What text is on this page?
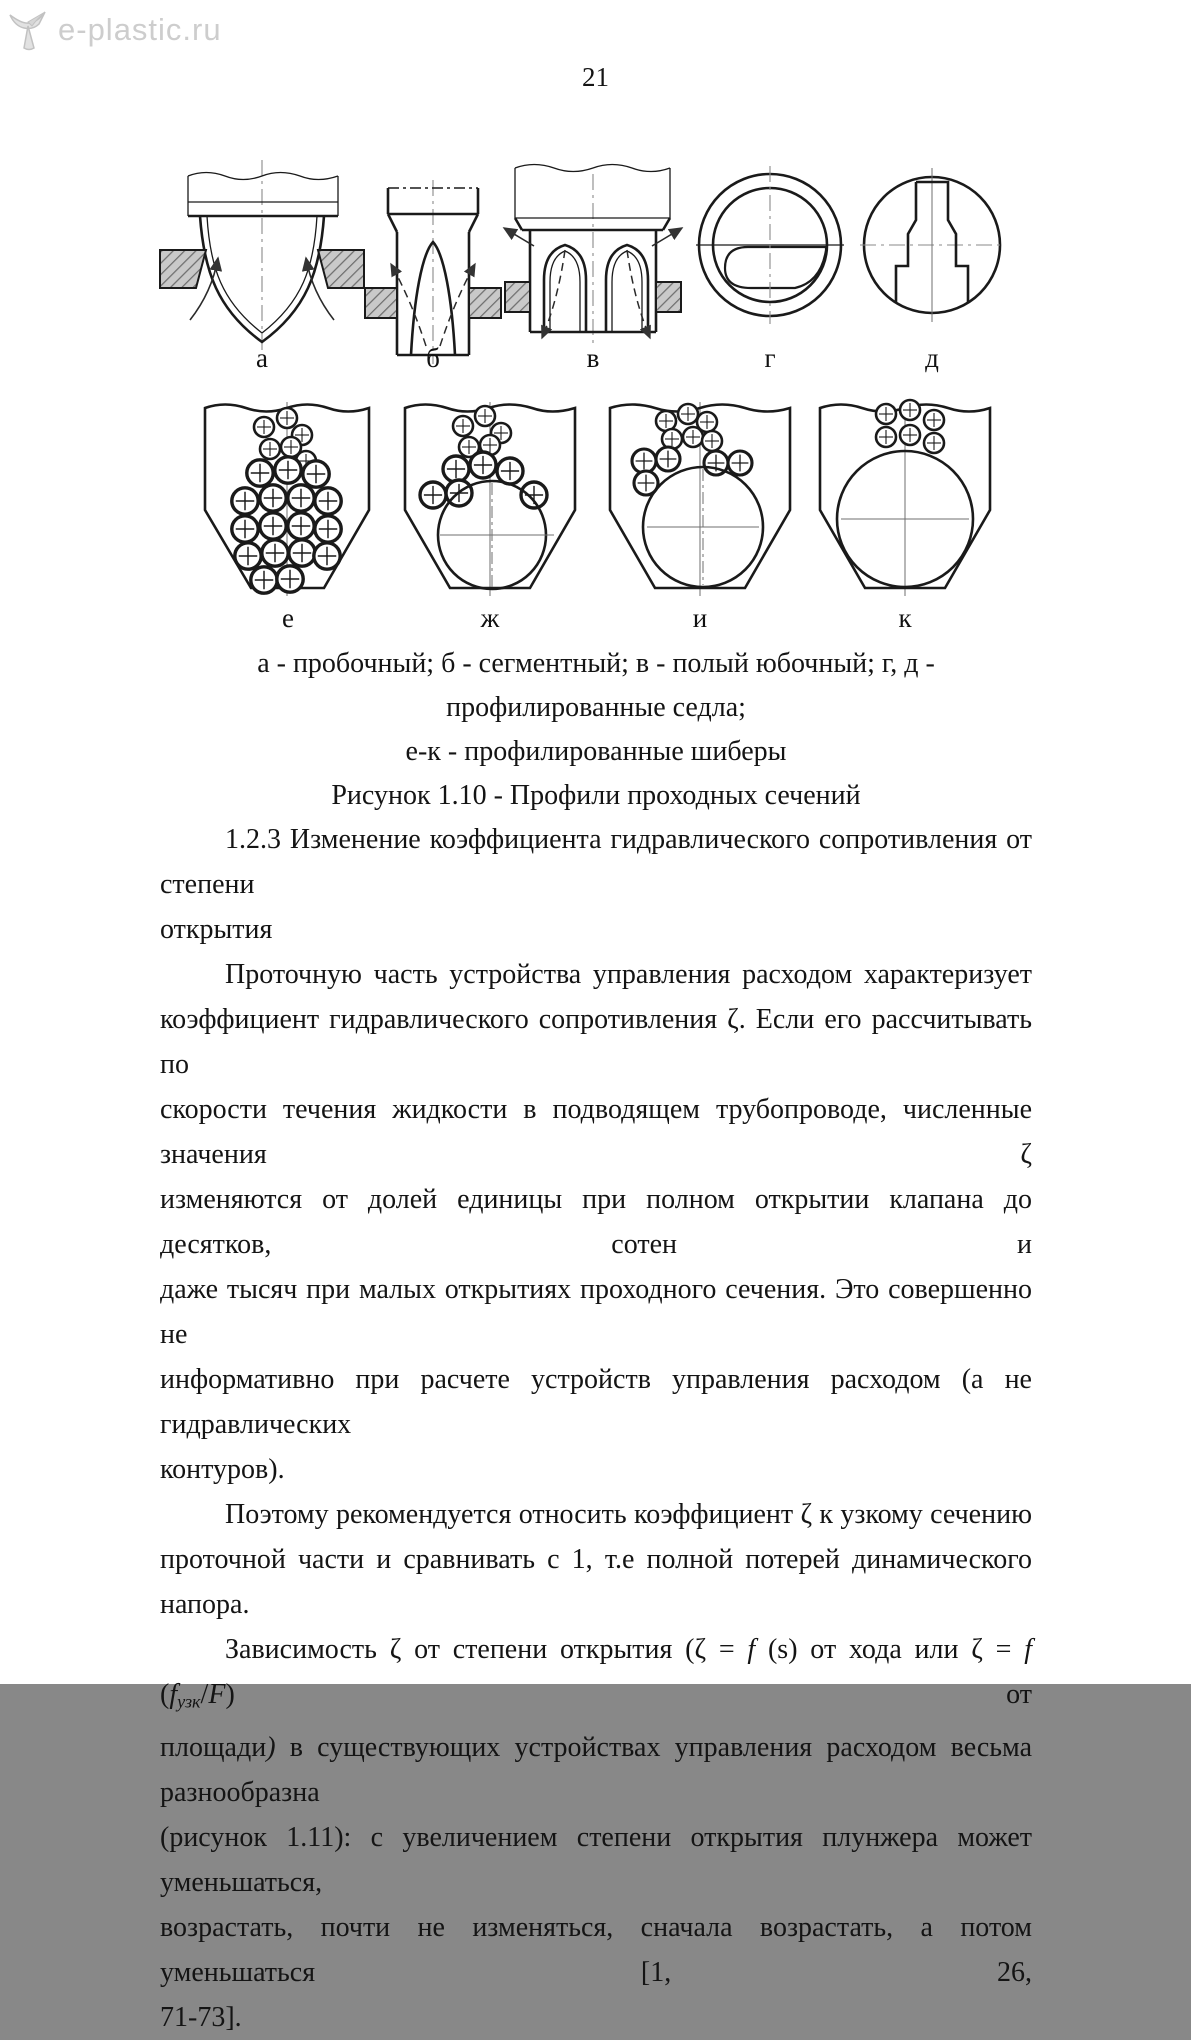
e-plastic.ru
21
а	б	в	г	д
е	ж	и	к
а - пробочный; б - сегментный; в - полый юбочный; г, д - профилированные седла;
е-к - профилированные шиберы
Рисунок 1.10 - Профили проходных сечений
1.2.3 Изменение коэффициента гидравлического сопротивления от степени
открытия
Проточную часть устройства управления расходом характеризует
коэффициент гидравлического сопротивления ζ. Если его рассчитывать по
скорости течения жидкости в подводящем трубопроводе, численные значения ζ
изменяются от долей единицы при полном открытии клапана до десятков, сотен и
даже тысяч при малых открытиях проходного сечения. Это совершенно не
информативно при расчете устройств управления расходом (а не гидравлических
контуров).
Поэтому рекомендуется относить коэффициент ζ к узкому сечению
проточной части и сравнивать с 1, т.е полной потерей динамического напора.
Зависимость ζ от степени открытия (ζ = f (s) от хода или ζ = f (fузк/F) от
площади) в существующих устройствах управления расходом весьма разнообразна
(рисунок 1.11): с увеличением степени открытия плунжера может уменьшаться,
возрастать, почти не изменяться, сначала возрастать, а потом уменьшаться [1, 26,
71-73].
